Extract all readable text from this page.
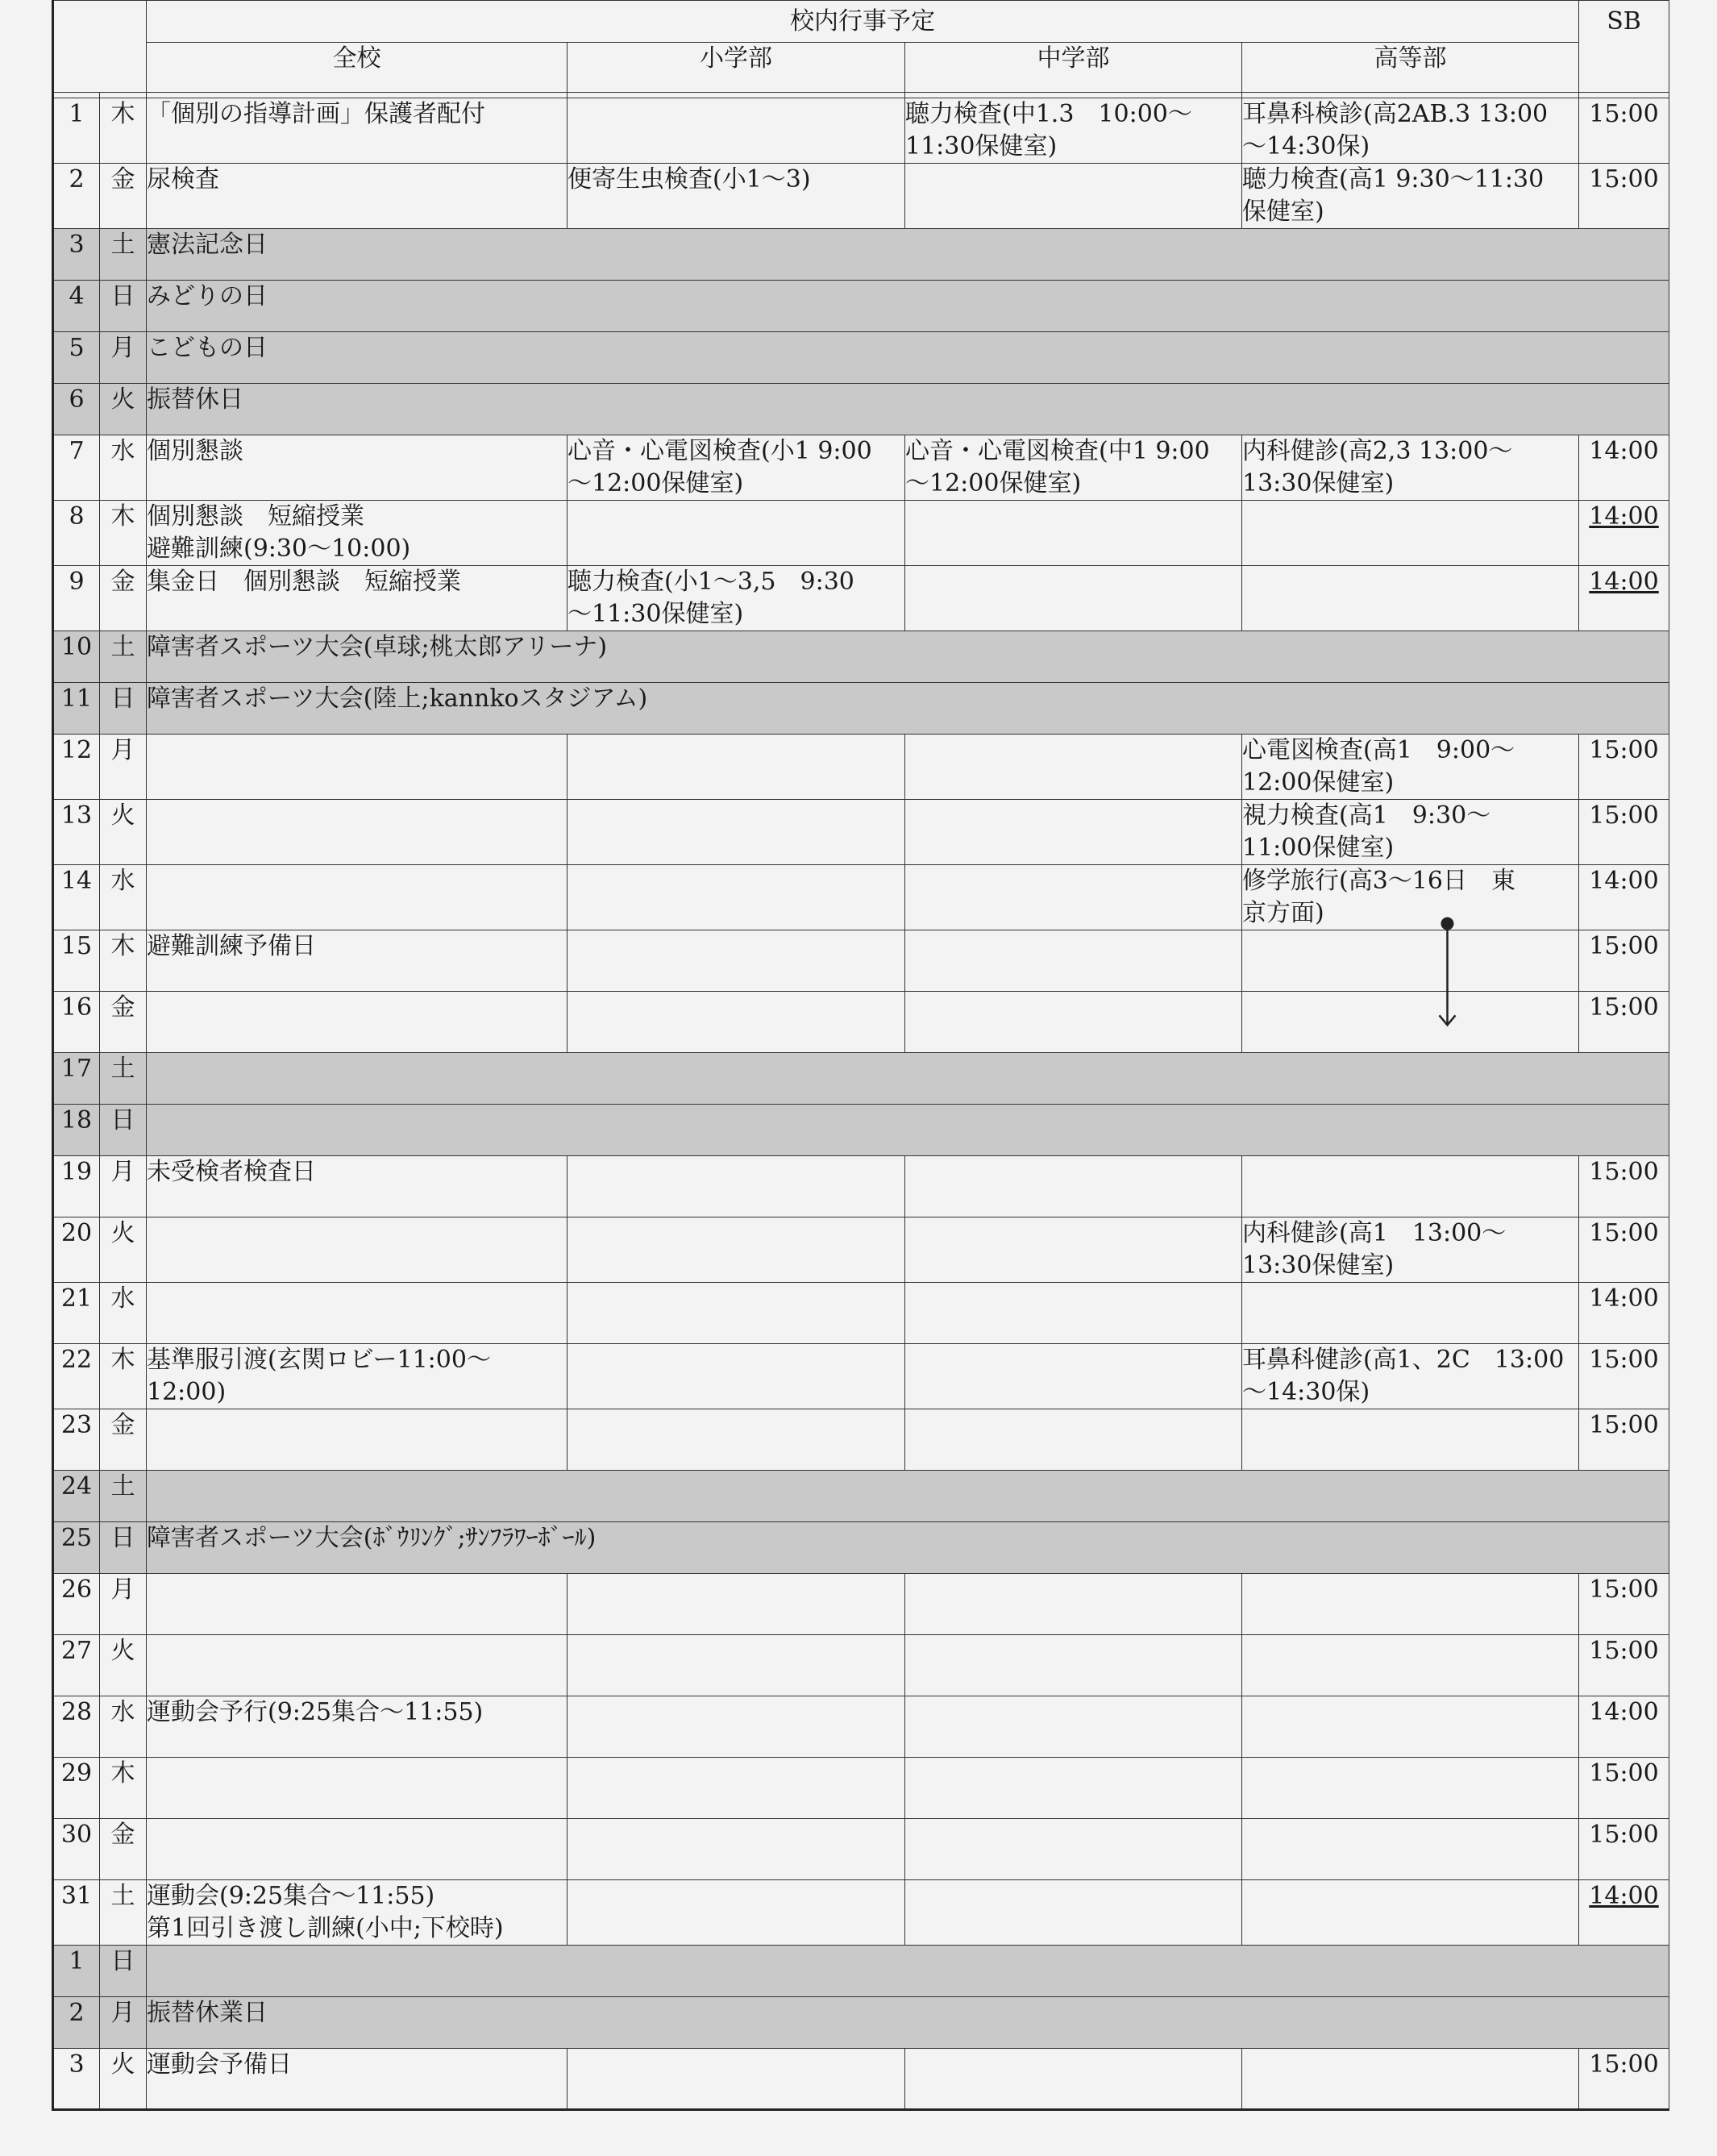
		校内行事予定				SB
		全校	小学部	中学部	高等部	

1	木	「個別の指導計画」保護者配付		聴力検査(中1.3　10:00〜
11:30保健室)	耳鼻科検診(高2AB.3 13:00
〜14:30保)	15:00
2	金	尿検査	便寄生虫検査(小1〜3)		聴力検査(高1 9:30〜11:30
保健室)	15:00
3	土	憲法記念日				
4	日	みどりの日				
5	月	こどもの日				
6	火	振替休日				
7	水	個別懇談	心音・心電図検査(小1 9:00
〜12:00保健室)	心音・心電図検査(中1 9:00
〜12:00保健室)	内科健診(高2,3 13:00〜
13:30保健室)	14:00
8	木	個別懇談　短縮授業
避難訓練(9:30〜10:00)				14:00
9	金	集金日　個別懇談　短縮授業	聴力検査(小1〜3,5　9:30
〜11:30保健室)			14:00
10	土	障害者スポーツ大会(卓球;桃太郎アリーナ)				
11	日	障害者スポーツ大会(陸上;kannkoスタジアム)				
12	月				心電図検査(高1　9:00〜
12:00保健室)	15:00
13	火				視力検査(高1　9:30〜
11:00保健室)	15:00
14	水				修学旅行(高3〜16日　東
京方面)	14:00
15	木	避難訓練予備日				15:00
16	金					15:00
17	土					
18	日					
19	月	未受検者検査日				15:00
20	火				内科健診(高1　13:00〜
13:30保健室)	15:00
21	水					14:00
22	木	基準服引渡(玄関ロビー11:00〜
12:00)			耳鼻科健診(高1、2C　13:00
〜14:30保)	15:00
23	金					15:00
24	土					
25	日	障害者スポーツ大会(ﾎﾞｳﾘﾝｸﾞ;ｻﾝﾌﾗﾜｰﾎﾞｰﾙ)				
26	月					15:00
27	火					15:00
28	水	運動会予行(9:25集合〜11:55)				14:00
29	木					15:00
30	金					15:00
31	土	運動会(9:25集合〜11:55)
第1回引き渡し訓練(小中;下校時)				14:00
1	日					
2	月	振替休業日				
3	火	運動会予備日				15:00
